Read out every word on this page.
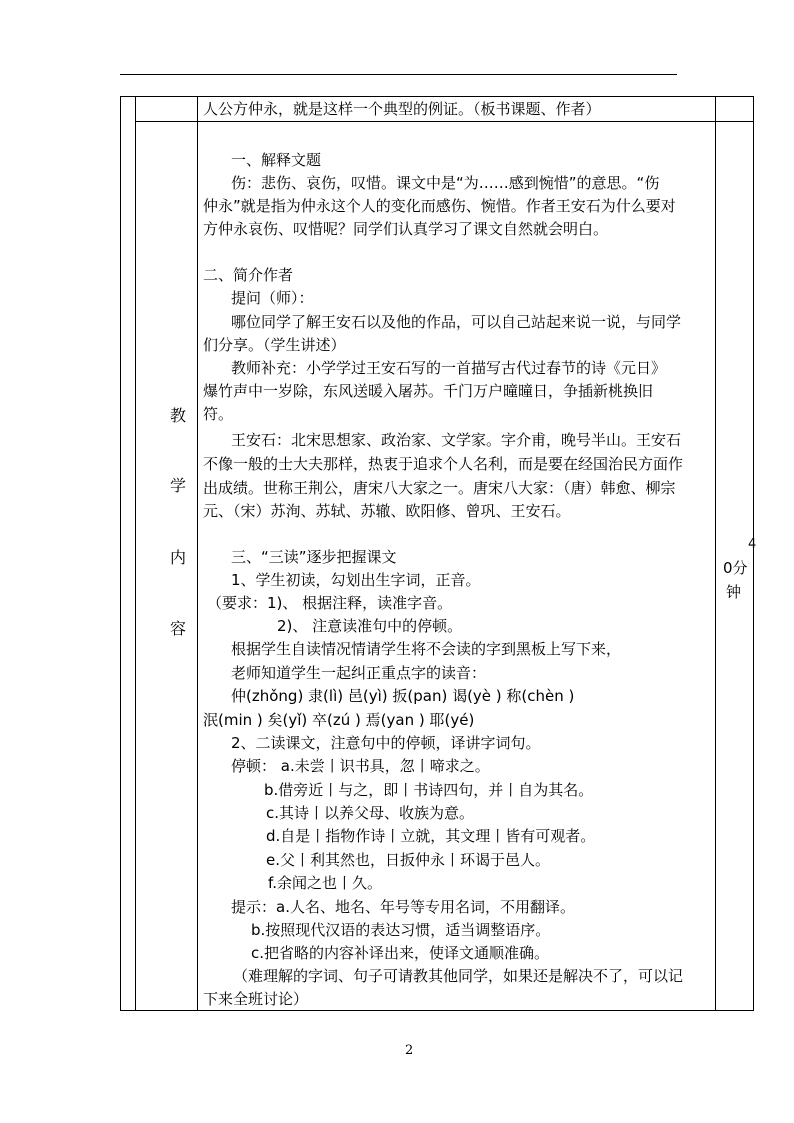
人公方仲永，就是这样一个典型的例证。（板书课题、作者）
教
学
内
容
4
0分
钟
一、解释文题
伤：悲伤、哀伤，叹惜。课文中是“为……感到惋惜”的意思。“伤
仲永”就是指为仲永这个人的变化而感伤、惋惜。作者王安石为什么要对
方仲永哀伤、叹惜呢？同学们认真学习了课文自然就会明白。
二、简介作者
提问（师）：
哪位同学了解王安石以及他的作品，可以自己站起来说一说，与同学
们分享。（学生讲述）
教师补充：小学学过王安石写的一首描写古代过春节的诗《元日》
爆竹声中一岁除，东风送暖入屠苏。千门万户曈曈日，争插新桃换旧
符。
王安石：北宋思想家、政治家、文学家。字介甫，晚号半山。王安石
不像一般的士大夫那样，热衷于追求个人名利，而是要在经国治民方面作
出成绩。世称王荆公，唐宋八大家之一。唐宋八大家：（唐）韩愈、柳宗
元、（宋）苏洵、苏轼、苏辙、欧阳修、曾巩、王安石。
三、“三读”逐步把握课文
1、学生初读，勾划出生字词，正音。
（要求：1)、 根据注释，读准字音。
2)、 注意读准句中的停顿。
根据学生自读情况情请学生将不会读的字到黑板上写下来，
老师知道学生一起纠正重点字的读音：
仲(zhǒng) 隶(lì) 邑(yì) 扳(pan) 谒(yè ) 称(chèn )
泯(min ) 矣(yǐ) 卒(zú ) 焉(yan ) 耶(yé)
2、二读课文，注意句中的停顿，译讲字词句。
停顿： a.未尝丨识书具，忽丨啼求之。
b.借旁近丨与之，即丨书诗四句，并丨自为其名。
c.其诗丨以养父母、收族为意。
d.自是丨指物作诗丨立就，其文理丨皆有可观者。
e.父丨利其然也，日扳仲永丨环谒于邑人。
f.余闻之也丨久。
提示：a.人名、地名、年号等专用名词，不用翻译。
b.按照现代汉语的表达习惯，适当调整语序。
c.把省略的内容补译出来，使译文通顺准确。
（难理解的字词、句子可请教其他同学，如果还是解决不了，可以记
下来全班讨论）
2
